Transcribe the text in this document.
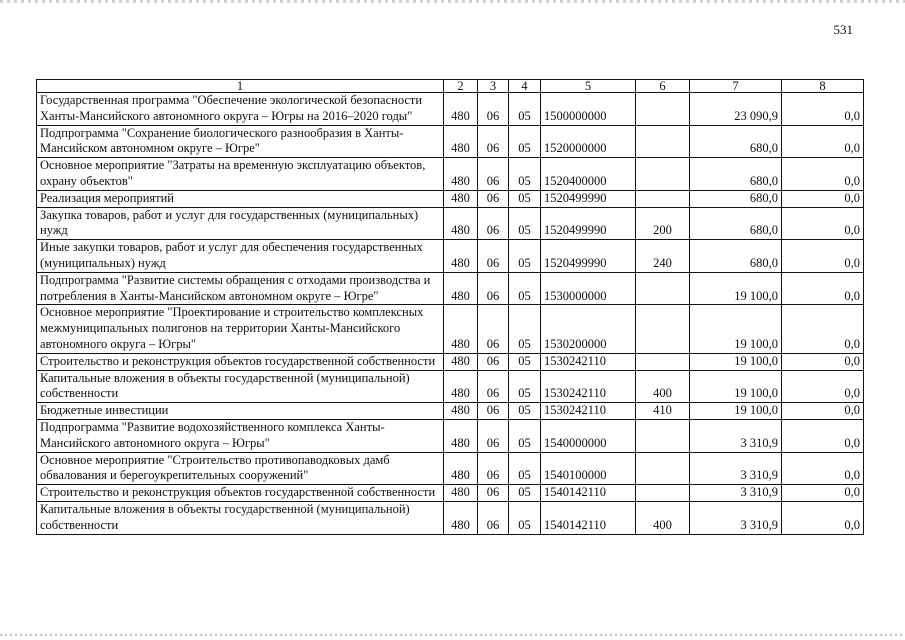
531
1	2	3	4	5	6	7	8
Государственная программа "Обеспечение экологической безопасности Ханты-Мансийского автономного округа – Югры на 2016–2020 годы"	480	06	05	1500000000		23 090,9	0,0
Подпрограмма "Сохранение биологического разнообразия в Ханты-Мансийском автономном округе – Югре"	480	06	05	1520000000		680,0	0,0
Основное мероприятие "Затраты на временную эксплуатацию объектов, охрану объектов"	480	06	05	1520400000		680,0	0,0
Реализация мероприятий	480	06	05	1520499990		680,0	0,0
Закупка товаров, работ и услуг для государственных (муниципальных) нужд	480	06	05	1520499990	200	680,0	0,0
Иные закупки товаров, работ и услуг для обеспечения государственных (муниципальных) нужд	480	06	05	1520499990	240	680,0	0,0
Подпрограмма "Развитие системы обращения с отходами производства и потребления в Ханты-Мансийском автономном округе – Югре"	480	06	05	1530000000		19 100,0	0,0
Основное мероприятие "Проектирование и строительство комплексных межмуниципальных полигонов на территории Ханты-Мансийского автономного округа – Югры"	480	06	05	1530200000		19 100,0	0,0
Строительство и реконструкция объектов государственной собственности	480	06	05	1530242110		19 100,0	0,0
Капитальные вложения в объекты государственной (муниципальной) собственности	480	06	05	1530242110	400	19 100,0	0,0
Бюджетные инвестиции	480	06	05	1530242110	410	19 100,0	0,0
Подпрограмма "Развитие водохозяйственного комплекса Ханты-Мансийского автономного округа – Югры"	480	06	05	1540000000		3 310,9	0,0
Основное мероприятие "Строительство противопаводковых дамб обвалования и берегоукрепительных сооружений"	480	06	05	1540100000		3 310,9	0,0
Строительство и реконструкция объектов государственной собственности	480	06	05	1540142110		3 310,9	0,0
Капитальные вложения в объекты государственной (муниципальной) собственности	480	06	05	1540142110	400	3 310,9	0,0
